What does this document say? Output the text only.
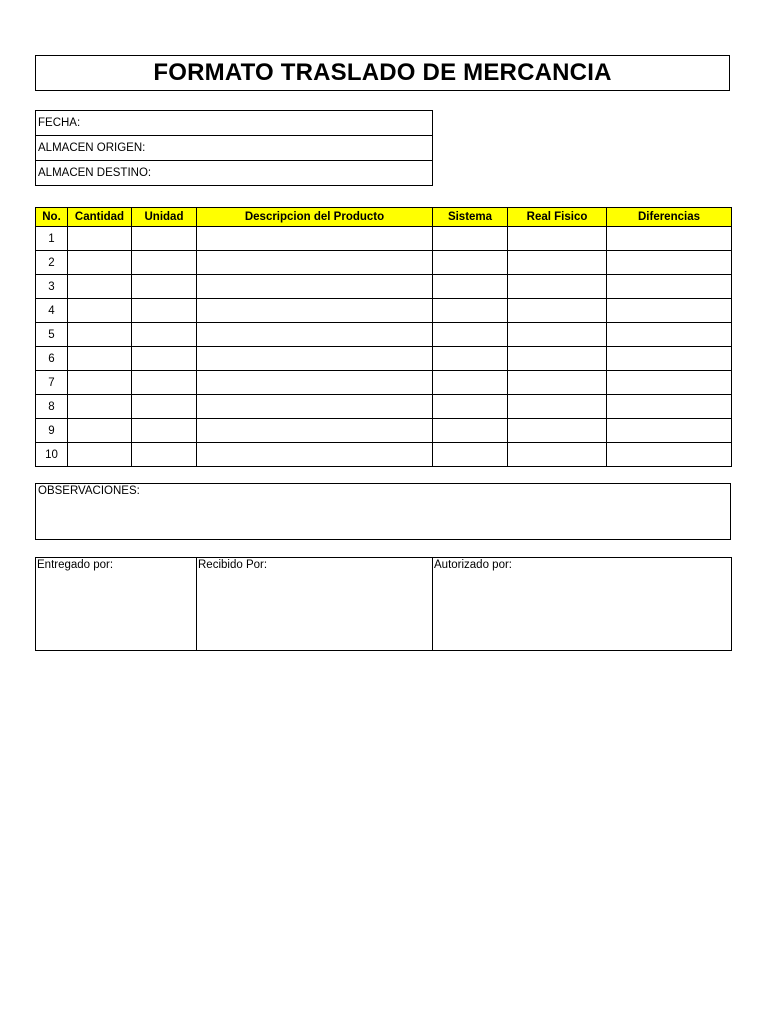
FORMATO TRASLADO DE MERCANCIA
FECHA:
ALMACEN ORIGEN:
ALMACEN DESTINO:
No.	Cantidad	Unidad	Descripcion del Producto	Sistema	Real Fisico	Diferencias
1						
2						
3						
4						
5						
6						
7						
8						
9						
10						
OBSERVACIONES:
Entregado por:	Recibido Por:	Autorizado por:
